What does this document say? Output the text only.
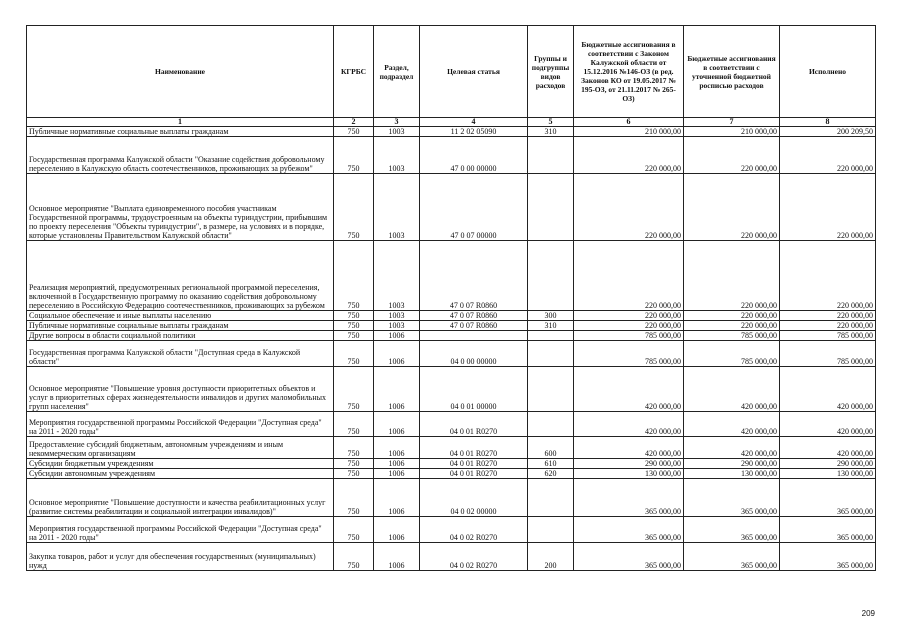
Наименование	КГРБС	Раздел, подраздел	Целевая статья	Группы и подгруппы видов расходов	Бюджетные ассигнования в соответствии с Законом Калужской области от 15.12.2016 №146-ОЗ (в ред. Законов КО от 19.05.2017 № 195-ОЗ, от 21.11.2017 № 265-ОЗ)	Бюджетные ассигнования в соответствии с уточненной бюджетной росписью расходов	Исполнено
1	2	3	4	5	6	7	8
Публичные нормативные социальные выплаты гражданам	750	1003	11 2 02 05090	310	210 000,00	210 000,00	200 209,50
Государственная программа Калужской области "Оказание содействия добровольному переселению в Калужскую область соотечественников, проживающих за рубежом"	750	1003	47 0 00 00000		220 000,00	220 000,00	220 000,00
Основное мероприятие "Выплата единовременного пособия участникам Государственной программы, трудоустроенным на объекты туриндустрии, прибывшим по проекту переселения "Объекты туриндустрии", в размере, на условиях и в порядке, которые установлены Правительством Калужской области"	750	1003	47 0 07 00000		220 000,00	220 000,00	220 000,00
Реализация мероприятий, предусмотренных региональной программой переселения, включенной в Государственную программу по оказанию содействия добровольному переселению в Российскую Федерацию соотечественников, проживающих за рубежом	750	1003	47 0 07 R0860		220 000,00	220 000,00	220 000,00
Социальное обеспечение и иные выплаты населению	750	1003	47 0 07 R0860	300	220 000,00	220 000,00	220 000,00
Публичные нормативные социальные выплаты гражданам	750	1003	47 0 07 R0860	310	220 000,00	220 000,00	220 000,00
Другие вопросы в области социальной политики	750	1006			785 000,00	785 000,00	785 000,00
Государственная программа Калужской области "Доступная среда в Калужской области"	750	1006	04 0 00 00000		785 000,00	785 000,00	785 000,00
Основное мероприятие "Повышение уровня доступности приоритетных объектов и услуг в приоритетных сферах жизнедеятельности инвалидов и других маломобильных групп населения"	750	1006	04 0 01 00000		420 000,00	420 000,00	420 000,00
Мероприятия государственной программы Российской Федерации "Доступная среда" на 2011 - 2020 годы"	750	1006	04 0 01 R0270		420 000,00	420 000,00	420 000,00
Предоставление субсидий бюджетным, автономным учреждениям и иным некоммерческим организациям	750	1006	04 0 01 R0270	600	420 000,00	420 000,00	420 000,00
Субсидии бюджетным учреждениям	750	1006	04 0 01 R0270	610	290 000,00	290 000,00	290 000,00
Субсидии автономным учреждениям	750	1006	04 0 01 R0270	620	130 000,00	130 000,00	130 000,00
Основное мероприятие "Повышение доступности и качества реабилитационных услуг (развитие системы реабилитации и социальной интеграции инвалидов)"	750	1006	04 0 02 00000		365 000,00	365 000,00	365 000,00
Мероприятия государственной программы Российской Федерации "Доступная среда" на 2011 - 2020 годы"	750	1006	04 0 02 R0270		365 000,00	365 000,00	365 000,00
Закупка товаров, работ и услуг для обеспечения государственных (муниципальных) нужд	750	1006	04 0 02 R0270	200	365 000,00	365 000,00	365 000,00
209
